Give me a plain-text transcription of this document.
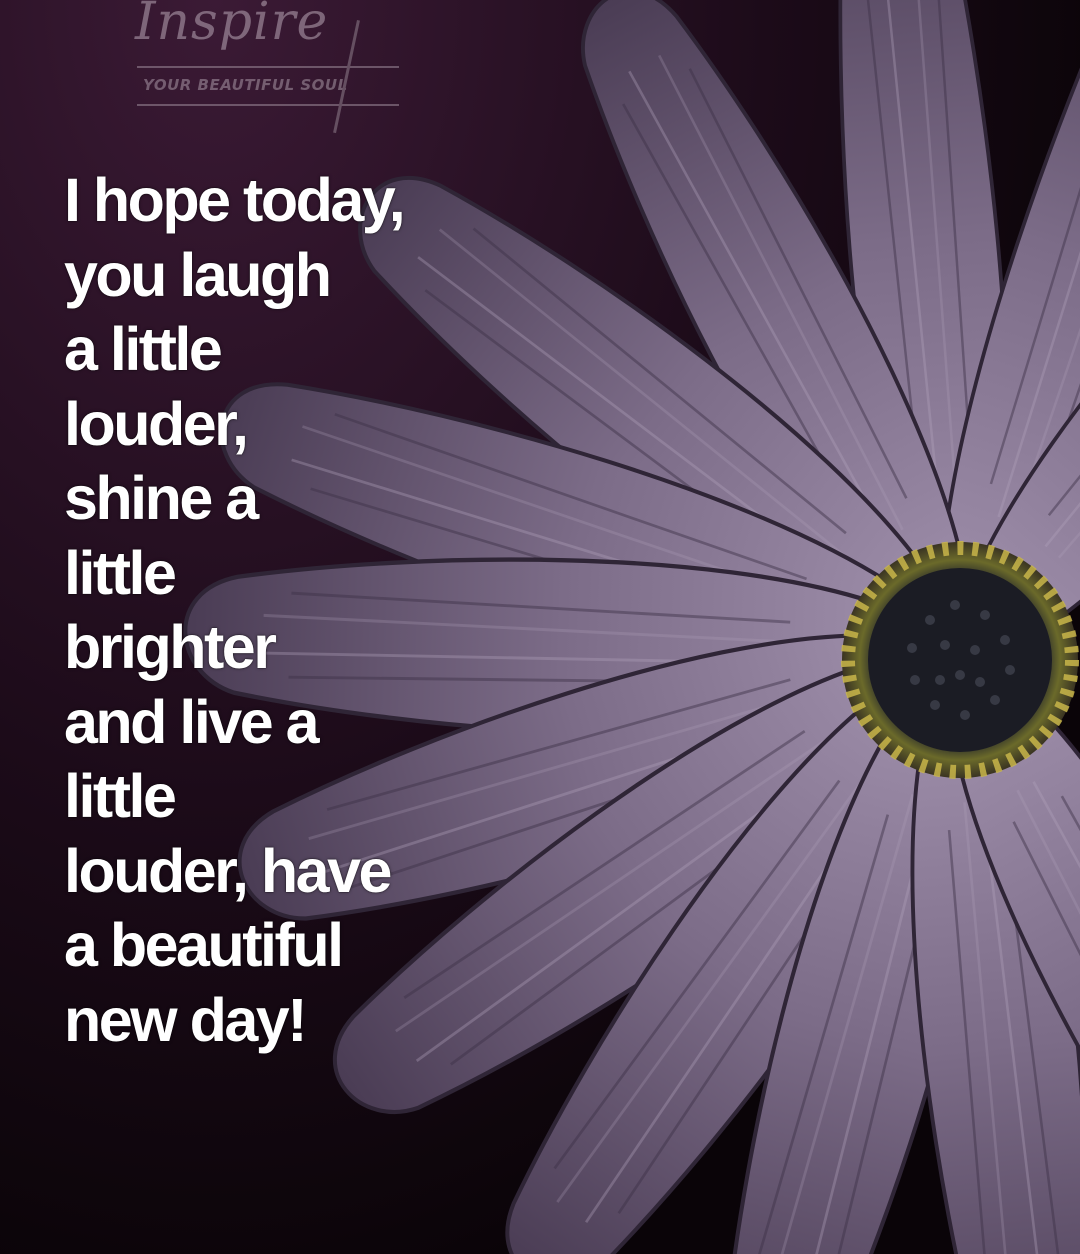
Inspire
YOUR BEAUTIFUL SOUL
I hope today,
you laugh
a little
louder,
shine a
little
brighter
and live a
little
louder, have
a beautiful
new day!
